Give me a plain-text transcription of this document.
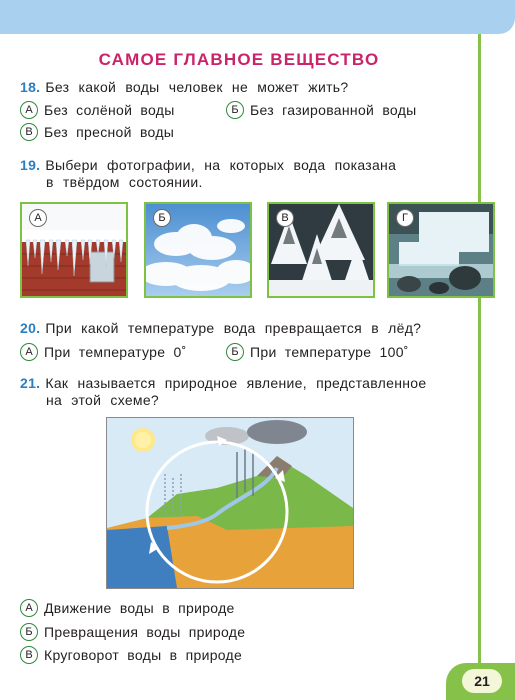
САМОЕ ГЛАВНОЕ ВЕЩЕСТВО
18. Без какой воды человек не может жить?
А Без солёной воды	Б Без газированной воды
В Без пресной воды
19. Выбери фотографии, на которых вода показана
в твёрдом состоянии.
А	Б	В	Г
20. При какой температуре вода превращается в лёд?
А При температуре 0˚	Б При температуре 100˚
21. Как называется природное явление, представленное
на этой схеме?
А Движение воды в природе
Б Превращения воды природе
В Круговорот воды в природе
21
